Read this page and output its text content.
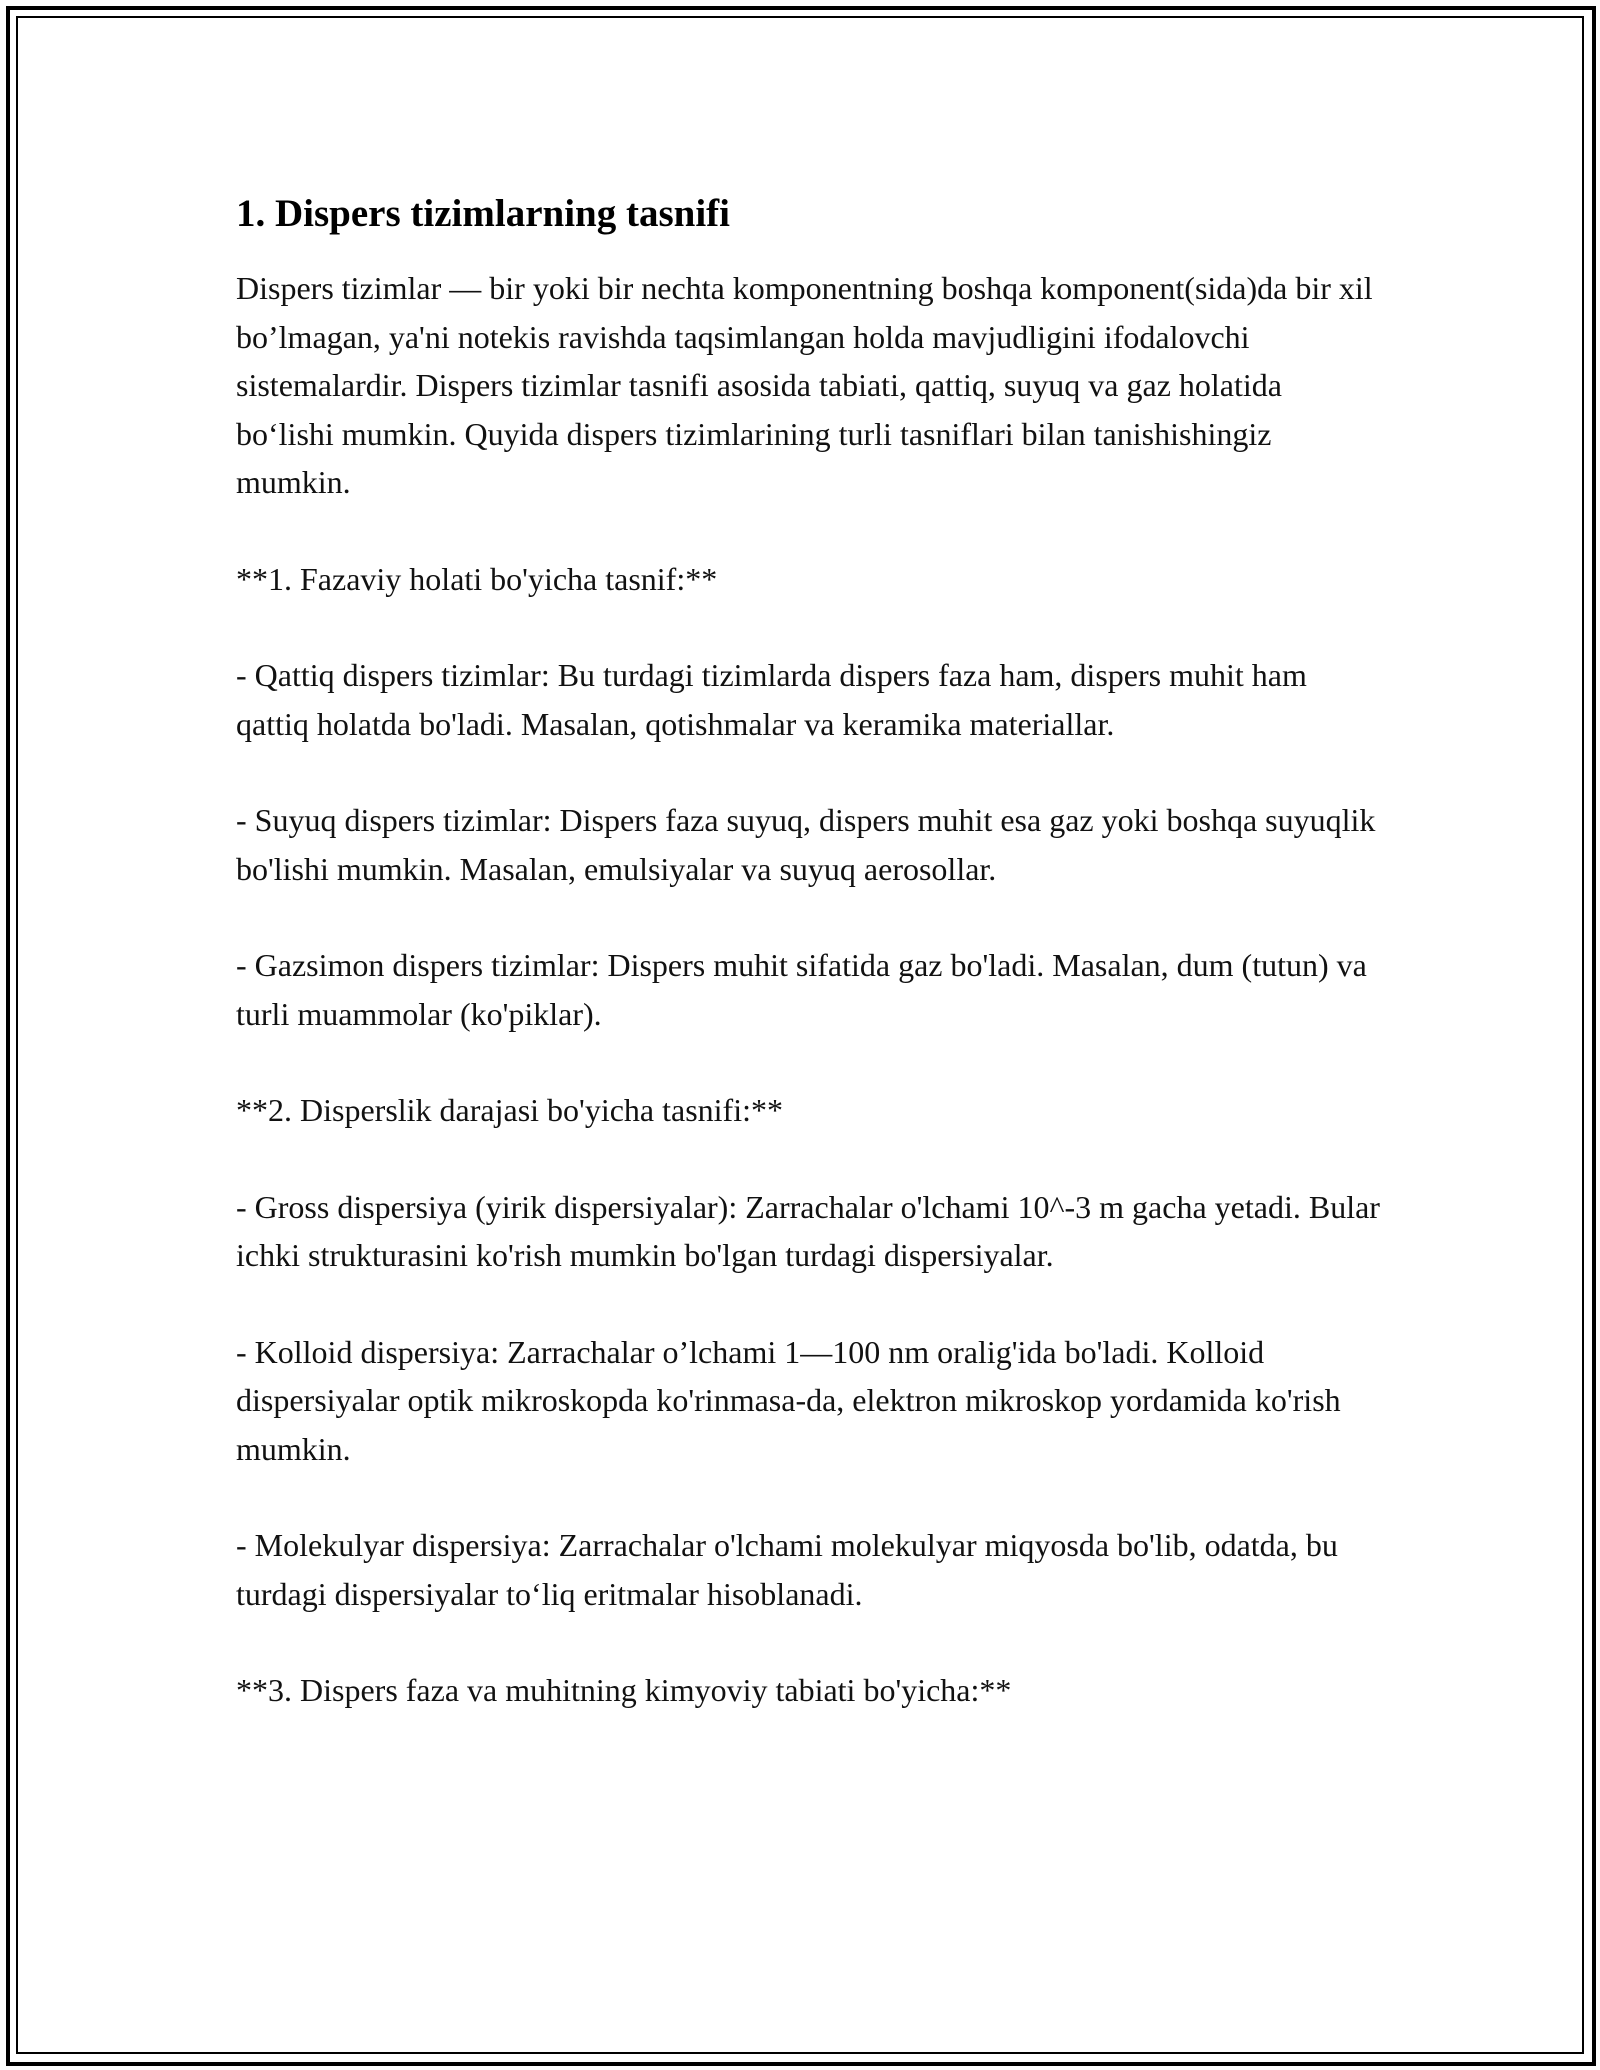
1. Dispers tizimlarning tasnifi

Dispers tizimlar — bir yoki bir nechta komponentning boshqa komponent(sida)da bir xil bo’lmagan, ya'ni notekis ravishda taqsimlangan holda mavjudligini ifodalovchi sistemalardir. Dispers tizimlar tasnifi asosida tabiati, qattiq, suyuq va gaz holatida bo‘lishi mumkin. Quyida dispers tizimlarining turli tasniflari bilan tanishishingiz mumkin.

**1. Fazaviy holati bo'yicha tasnif:**

- Qattiq dispers tizimlar: Bu turdagi tizimlarda dispers faza ham, dispers muhit ham qattiq holatda bo'ladi. Masalan, qotishmalar va keramika materiallar.

- Suyuq dispers tizimlar: Dispers faza suyuq, dispers muhit esa gaz yoki boshqa suyuqlik bo'lishi mumkin. Masalan, emulsiyalar va suyuq aerosollar.

- Gazsimon dispers tizimlar: Dispers muhit sifatida gaz bo'ladi. Masalan, dum (tutun) va turli muammolar (ko'piklar).

**2. Disperslik darajasi bo'yicha tasnifi:**

- Gross dispersiya (yirik dispersiyalar): Zarrachalar o'lchami 10^-3 m gacha yetadi. Bular ichki strukturasini ko'rish mumkin bo'lgan turdagi dispersiyalar.

- Kolloid dispersiya: Zarrachalar o’lchami 1—100 nm oralig'ida bo'ladi. Kolloid dispersiyalar optik mikroskopda ko'rinmasa-da, elektron mikroskop yordamida ko'rish mumkin.

- Molekulyar dispersiya: Zarrachalar o'lchami molekulyar miqyosda bo'lib, odatda, bu turdagi dispersiyalar to‘liq eritmalar hisoblanadi.

**3. Dispers faza va muhitning kimyoviy tabiati bo'yicha:**
